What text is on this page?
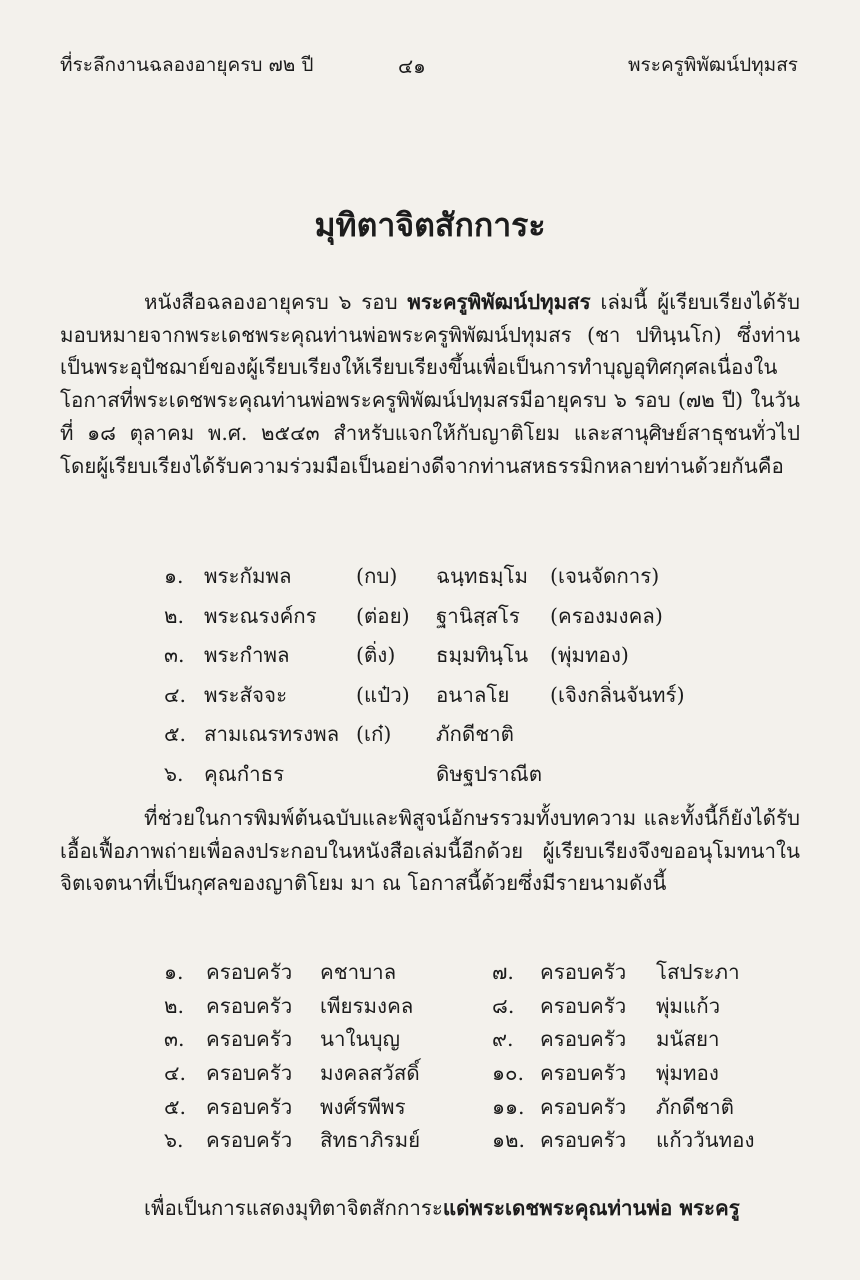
ที่ระลึกงานฉลองอายุครบ ๗๒ ปี	๔๑	พระครูพิพัฒน์ปทุมสร
มุทิตาจิตสักการะ
หนังสือฉลองอายุครบ ๖ รอบ พระครูพิพัฒน์ปทุมสร เล่มนี้ ผู้เรียบเรียงได้รับมอบหมายจากพระเดชพระคุณท่านพ่อพระครูพิพัฒน์ปทุมสร (ชา ปทินฺนโก) ซึ่งท่านเป็นพระอุปัชฌาย์ของผู้เรียบเรียงให้เรียบเรียงขึ้นเพื่อเป็นการทำบุญอุทิศกุศลเนื่องในโอกาสที่พระเดชพระคุณท่านพ่อพระครูพิพัฒน์ปทุมสรมีอายุครบ ๖ รอบ (๗๒ ปี) ในวันที่ ๑๘ ตุลาคม พ.ศ. ๒๕๔๓ สำหรับแจกให้กับญาติโยม และสานุศิษย์สาธุชนทั่วไป โดยผู้เรียบเรียงได้รับความร่วมมือเป็นอย่างดีจากท่านสหธรรมิกหลายท่านด้วยกันคือ
๑. พระกัมพล	(กบ) ฉนฺทธมฺโม (เจนจัดการ)
๒. พระณรงค์กร (ต่อย) ฐานิสฺสโร (ครองมงคล)
๓. พระกำพล	(ติ่ง) ธมฺมทินฺโน (พุ่มทอง)
๔. พระสัจจะ	(แป๋ว) อนาลโย (เจิงกลิ่นจันทร์)
๕. สามเณรทรงพล (เก๋) ภักดีชาติ
๖. คุณกำธร	ดิษฐปราณีต
ที่ช่วยในการพิมพ์ต้นฉบับและพิสูจน์อักษรรวมทั้งบทความ และทั้งนี้ก็ยังได้รับเอื้อเฟื้อภาพถ่ายเพื่อลงประกอบในหนังสือเล่มนี้อีกด้วย ผู้เรียบเรียงจึงขออนุโมทนาในจิตเจตนาที่เป็นกุศลของญาติโยม มา ณ โอกาสนี้ด้วยซึ่งมีรายนามดังนี้
๑. ครอบครัว คชาบาล	๗. ครอบครัว โสประภา
๒. ครอบครัว เพียรมงคล	๘. ครอบครัว พุ่มแก้ว
๓. ครอบครัว นาในบุญ	๙. ครอบครัว มนัสยา
๔. ครอบครัว มงคลสวัสดิ์	๑๐. ครอบครัว พุ่มทอง
๕. ครอบครัว พงศ์รพีพร	๑๑. ครอบครัว ภักดีชาติ
๖. ครอบครัว สิทธาภิรมย์	๑๒. ครอบครัว แก้ววันทอง
เพื่อเป็นการแสดงมุทิตาจิตสักการะแด่พระเดชพระคุณท่านพ่อ พระครู
